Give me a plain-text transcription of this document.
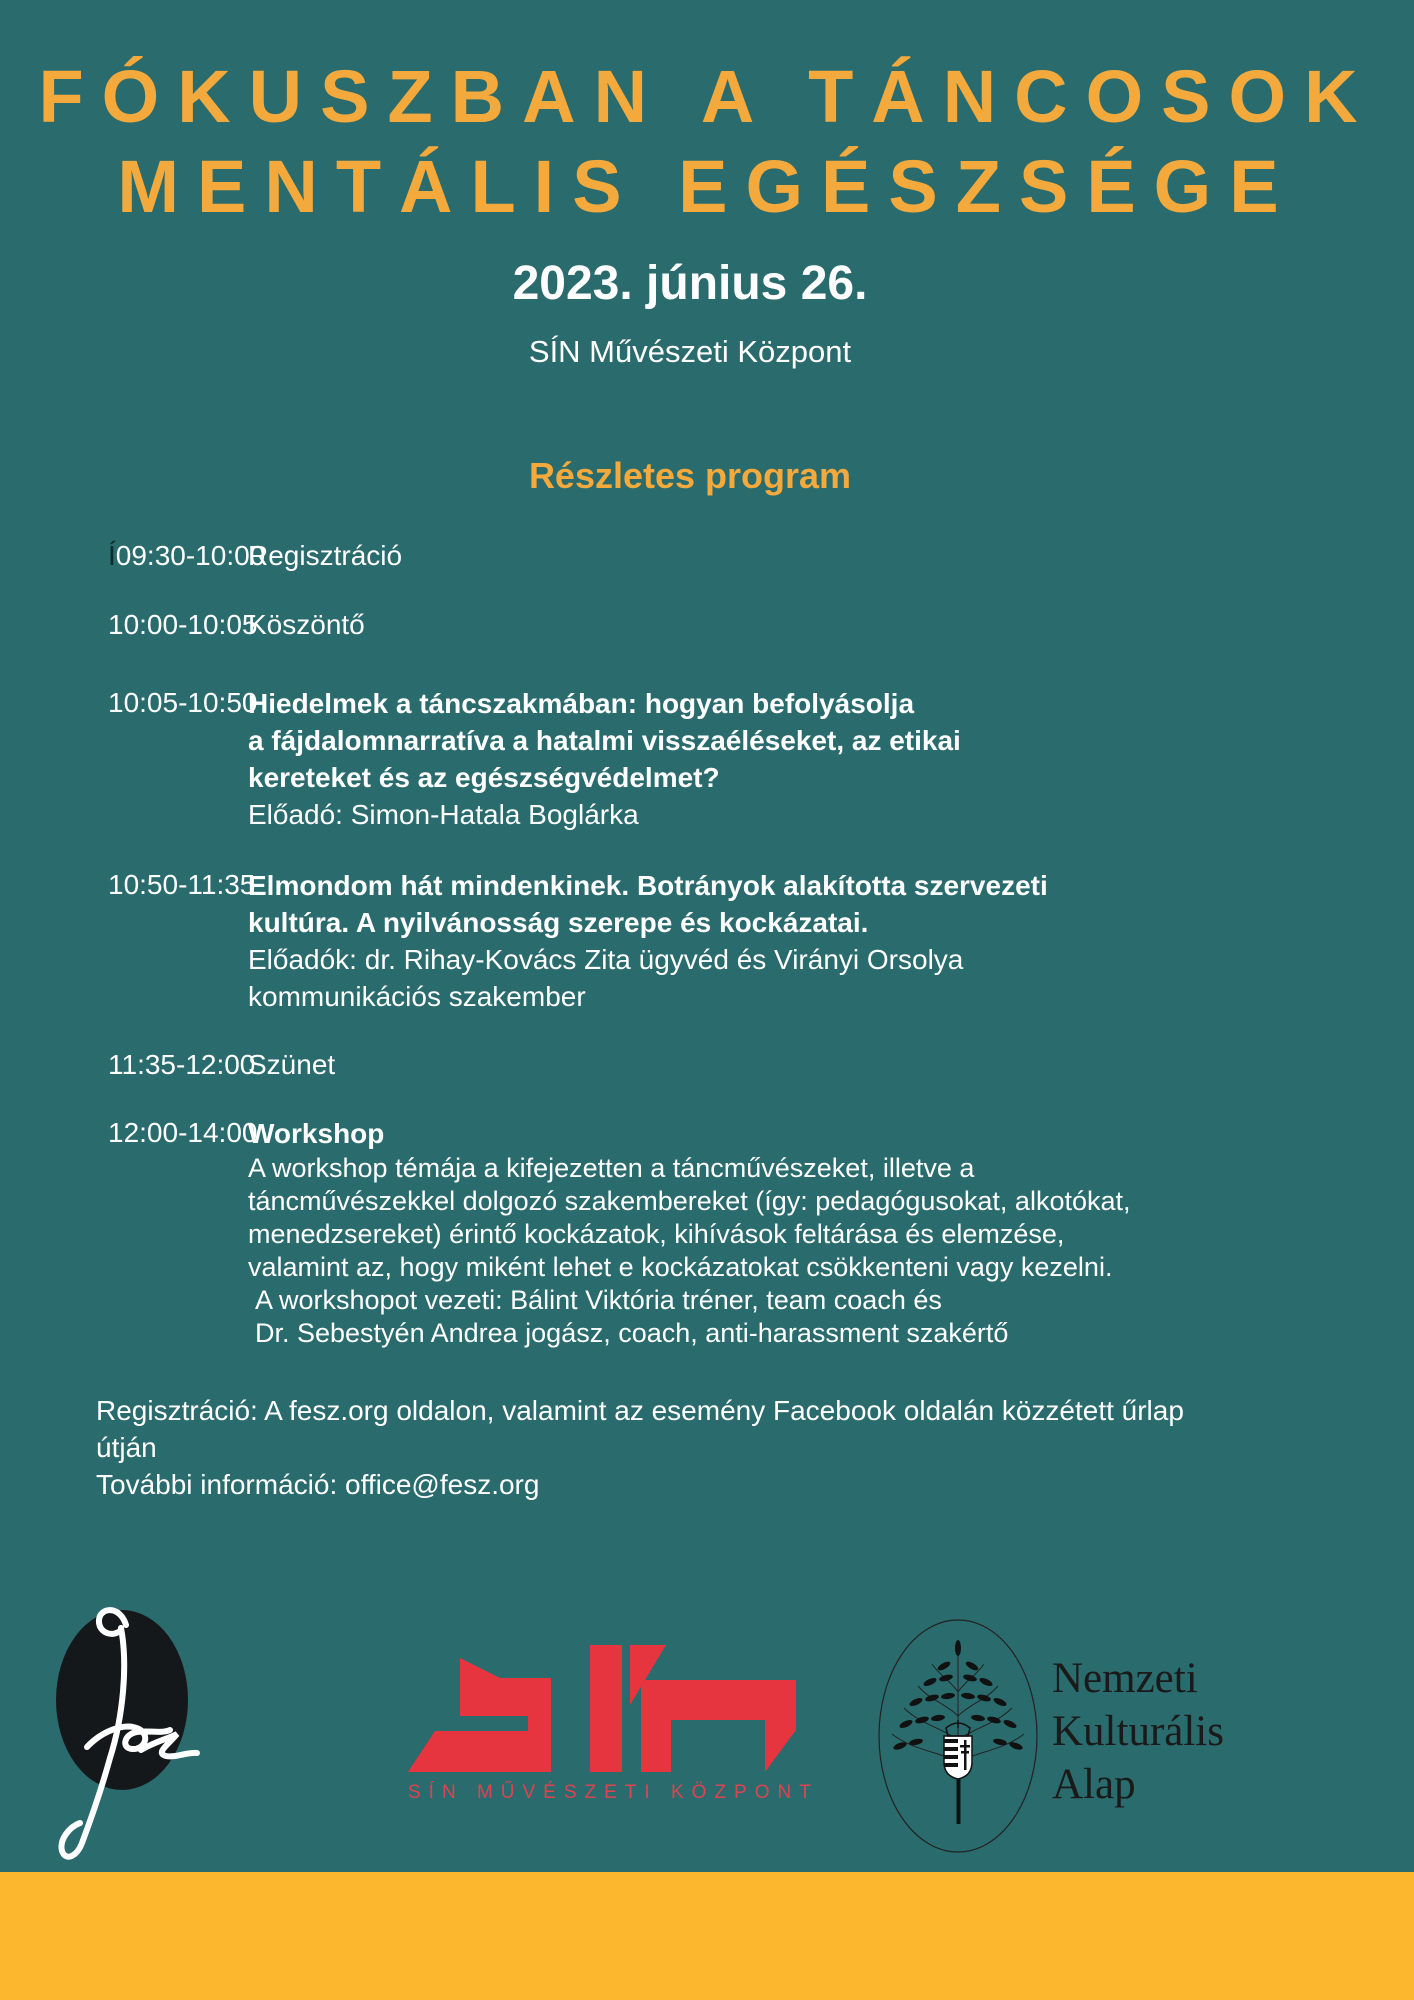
FÓKUSZBAN A TÁNCOSOK
MENTÁLIS EGÉSZSÉGE
2023. június 26.
SÍN Művészeti Központ
Részletes program
Í09:30-10:00
Regisztráció
10:00-10:05
Köszöntő
10:05-10:50
Hiedelmek a táncszakmában: hogyan befolyásolja
a fájdalomnarratíva a hatalmi visszaéléseket, az etikai
kereteket és az egészségvédelmet?
Előadó: Simon-Hatala Boglárka
10:50-11:35
Elmondom hát mindenkinek. Botrányok alakította szervezeti
kultúra. A nyilvánosság szerepe és kockázatai.
Előadók: dr. Rihay-Kovács Zita ügyvéd és Virányi Orsolya
kommunikációs szakember
11:35-12:00
Szünet
12:00-14:00
Workshop
A workshop témája a kifejezetten a táncművészeket, illetve a
táncművészekkel dolgozó szakembereket (így: pedagógusokat, alkotókat,
menedzsereket) érintő kockázatok, kihívások feltárása és elemzése,
valamint az, hogy miként lehet e kockázatokat csökkenteni vagy kezelni.
A workshopot vezeti: Bálint Viktória tréner, team coach és
Dr. Sebestyén Andrea jogász, coach, anti-harassment szakértő
Regisztráció: A fesz.org oldalon, valamint az esemény Facebook oldalán közzétett űrlap
útján
További információ: office@fesz.org
SÍN MŰVÉSZETI KÖZPONT
Nemzeti
Kulturális
Alap
